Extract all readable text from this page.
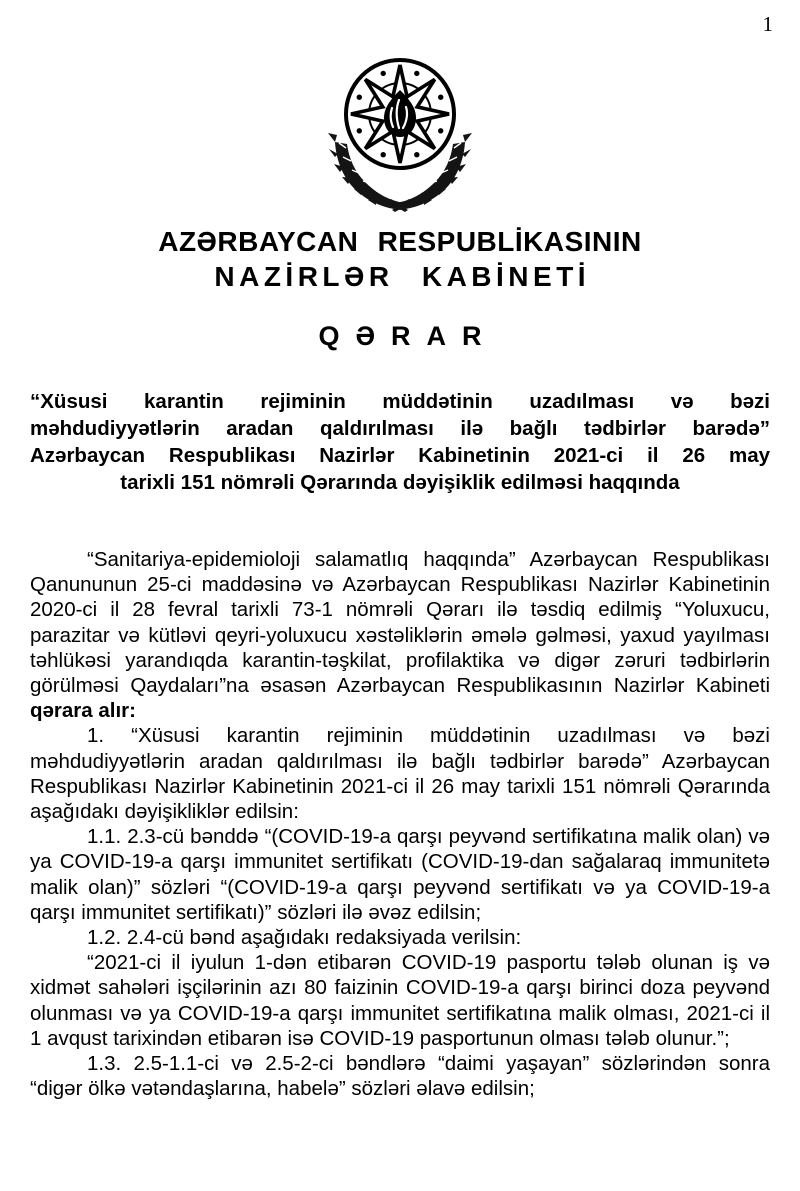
1
AZƏRBAYCAN RESPUBLİKASININ
NAZİRLƏR KABİNETİ
QƏRAR
“Xüsusi karantin rejiminin müddətinin uzadılması və bəzi
məhdudiyyətlərin aradan qaldırılması ilə bağlı tədbirlər barədə”
Azərbaycan Respublikası Nazirlər Kabinetinin 2021-ci il 26 may
tarixli 151 nömrəli Qərarında dəyişiklik edilməsi haqqında

“Sanitariya-epidemioloji salamatlıq haqqında” Azərbaycan Respublikası Qanununun 25-ci maddəsinə və Azərbaycan Respublikası Nazirlər Kabinetinin 2020-ci il 28 fevral tarixli 73-1 nömrəli Qərarı ilə təsdiq edilmiş “Yoluxucu, parazitar və kütləvi qeyri-yoluxucu xəstəliklərin əmələ gəlməsi, yaxud yayılması təhlükəsi yarandıqda karantin-təşkilat, profilaktika və digər zəruri tədbirlərin görülməsi Qaydaları”na əsasən Azərbaycan Respublikasının Nazirlər Kabineti qərara alır:

1. “Xüsusi karantin rejiminin müddətinin uzadılması və bəzi məhdudiyyətlərin aradan qaldırılması ilə bağlı tədbirlər barədə” Azərbaycan Respublikası Nazirlər Kabinetinin 2021-ci il 26 may tarixli 151 nömrəli Qərarında aşağıdakı dəyişikliklər edilsin:

1.1. 2.3-cü bənddə “(COVID-19-a qarşı peyvənd sertifikatına malik olan) və ya COVID-19-a qarşı immunitet sertifikatı (COVID-19-dan sağalaraq immunitetə malik olan)” sözləri “(COVID-19-a qarşı peyvənd sertifikatı və ya COVID-19-a qarşı immunitet sertifikatı)” sözləri ilə əvəz edilsin;

1.2. 2.4-cü bənd aşağıdakı redaksiyada verilsin:

“2021-ci il iyulun 1-dən etibarən COVID-19 pasportu tələb olunan iş və xidmət sahələri işçilərinin azı 80 faizinin COVID-19-a qarşı birinci doza peyvənd olunması və ya COVID-19-a qarşı immunitet sertifikatına malik olması, 2021-ci il 1 avqust tarixindən etibarən isə COVID-19 pasportunun olması tələb olunur.”;

1.3. 2.5-1.1-ci və 2.5-2-ci bəndlərə “daimi yaşayan” sözlərindən sonra “digər ölkə vətəndaşlarına, habelə” sözləri əlavə edilsin;
